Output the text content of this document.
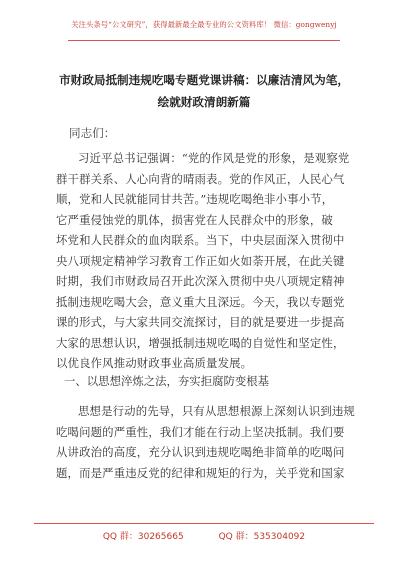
关注头条号“公文研究”，获得最新最全最专业的公文资料库！ 微信：gongwenyj
市财政局抵制违规吃喝专题党课讲稿：以廉洁清风为笔，
绘就财政清朗新篇
同志们：
习近平总书记强调：“党的作风是党的形象，是观察党
群干群关系、人心向背的晴雨表。党的作风正，人民心气
顺，党和人民就能同甘共苦。”违规吃喝绝非小事小节，
它严重侵蚀党的肌体，损害党在人民群众中的形象，破
坏党和人民群众的血肉联系。当下，中央层面深入贯彻中
央八项规定精神学习教育工作正如火如荼开展，在此关键
时期，我们市财政局召开此次深入贯彻中央八项规定精神
抵制违规吃喝大会，意义重大且深远。今天，我以专题党
课的形式，与大家共同交流探讨，目的就是要进一步提高
大家的思想认识，增强抵制违规吃喝的自觉性和坚定性，
以优良作风推动财政事业高质量发展。
一、以思想淬炼之法，夯实拒腐防变根基
思想是行动的先导，只有从思想根源上深刻认识到违规
吃喝问题的严重性，我们才能在行动上坚决抵制。我们要
从讲政治的高度，充分认识到违规吃喝绝非简单的吃喝问
题，而是严重违反党的纪律和规矩的行为，关乎党和国家
QQ 群：30265665	QQ 群：535304092
